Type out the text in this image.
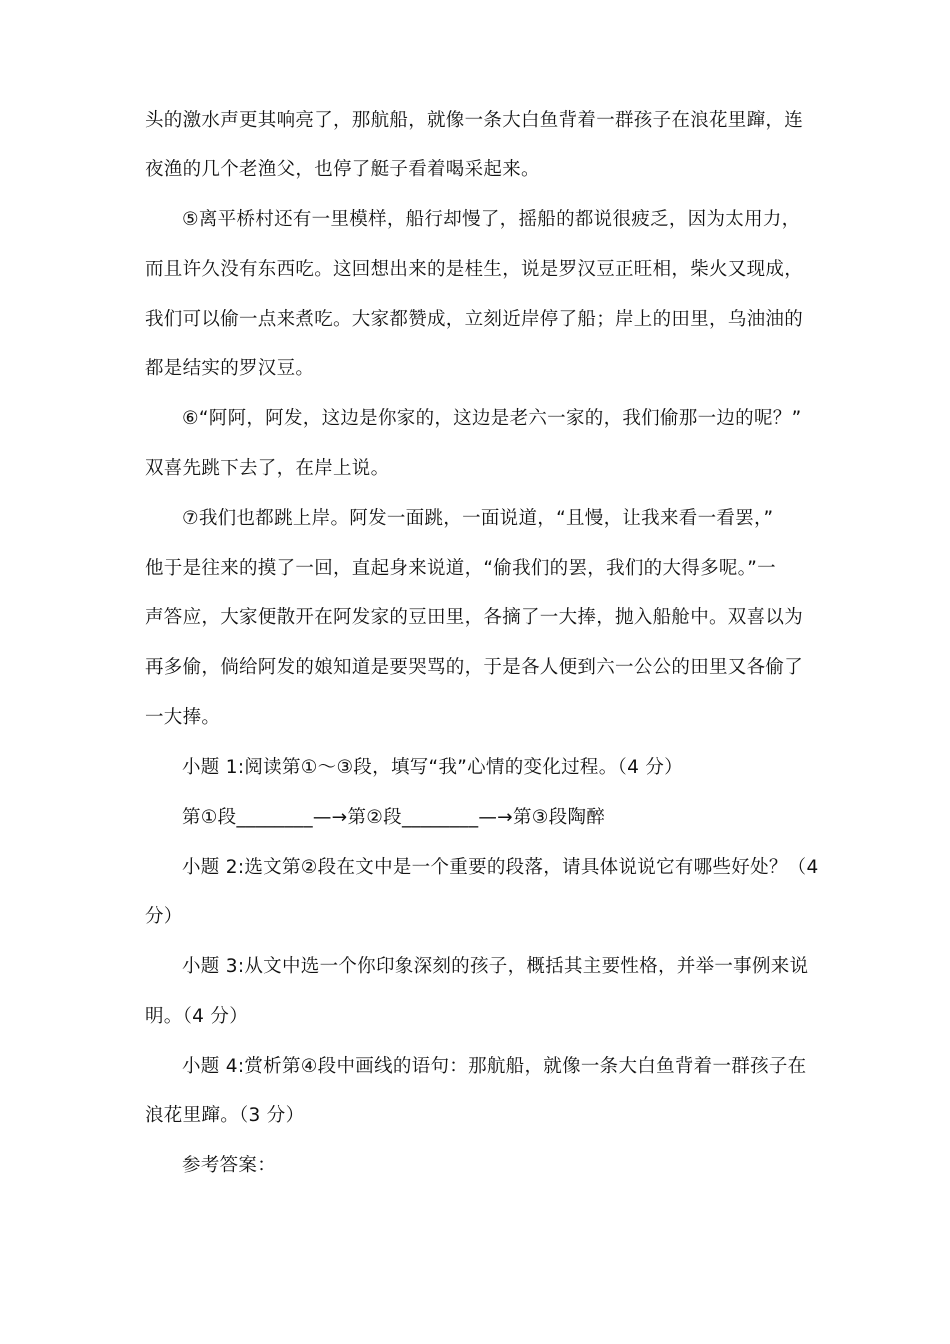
头的激水声更其响亮了，那航船，就像一条大白鱼背着一群孩子在浪花里蹿，连
夜渔的几个老渔父，也停了艇子看着喝采起来。
⑤离平桥村还有一里模样，船行却慢了，摇船的都说很疲乏，因为太用力，
而且许久没有东西吃。这回想出来的是桂生，说是罗汉豆正旺相，柴火又现成，
我们可以偷一点来煮吃。大家都赞成，立刻近岸停了船；岸上的田里，乌油油的
都是结实的罗汉豆。
⑥“阿阿，阿发，这边是你家的，这边是老六一家的，我们偷那一边的呢？”
双喜先跳下去了，在岸上说。
⑦我们也都跳上岸。阿发一面跳，一面说道，“且慢，让我来看一看罢，”
他于是往来的摸了一回，直起身来说道，“偷我们的罢，我们的大得多呢。”一
声答应，大家便散开在阿发家的豆田里，各摘了一大捧，抛入船舱中。双喜以为
再多偷，倘给阿发的娘知道是要哭骂的，于是各人便到六一公公的田里又各偷了
一大捧。
小题 1:阅读第①～③段，填写“我”心情的变化过程。（4 分）
第①段________—→第②段________—→第③段陶醉
小题 2:选文第②段在文中是一个重要的段落，请具体说说它有哪些好处？（4
分）
小题 3:从文中选一个你印象深刻的孩子，概括其主要性格，并举一事例来说
明。（4 分）
小题 4:赏析第④段中画线的语句：那航船，就像一条大白鱼背着一群孩子在
浪花里蹿。（3 分）
参考答案：
